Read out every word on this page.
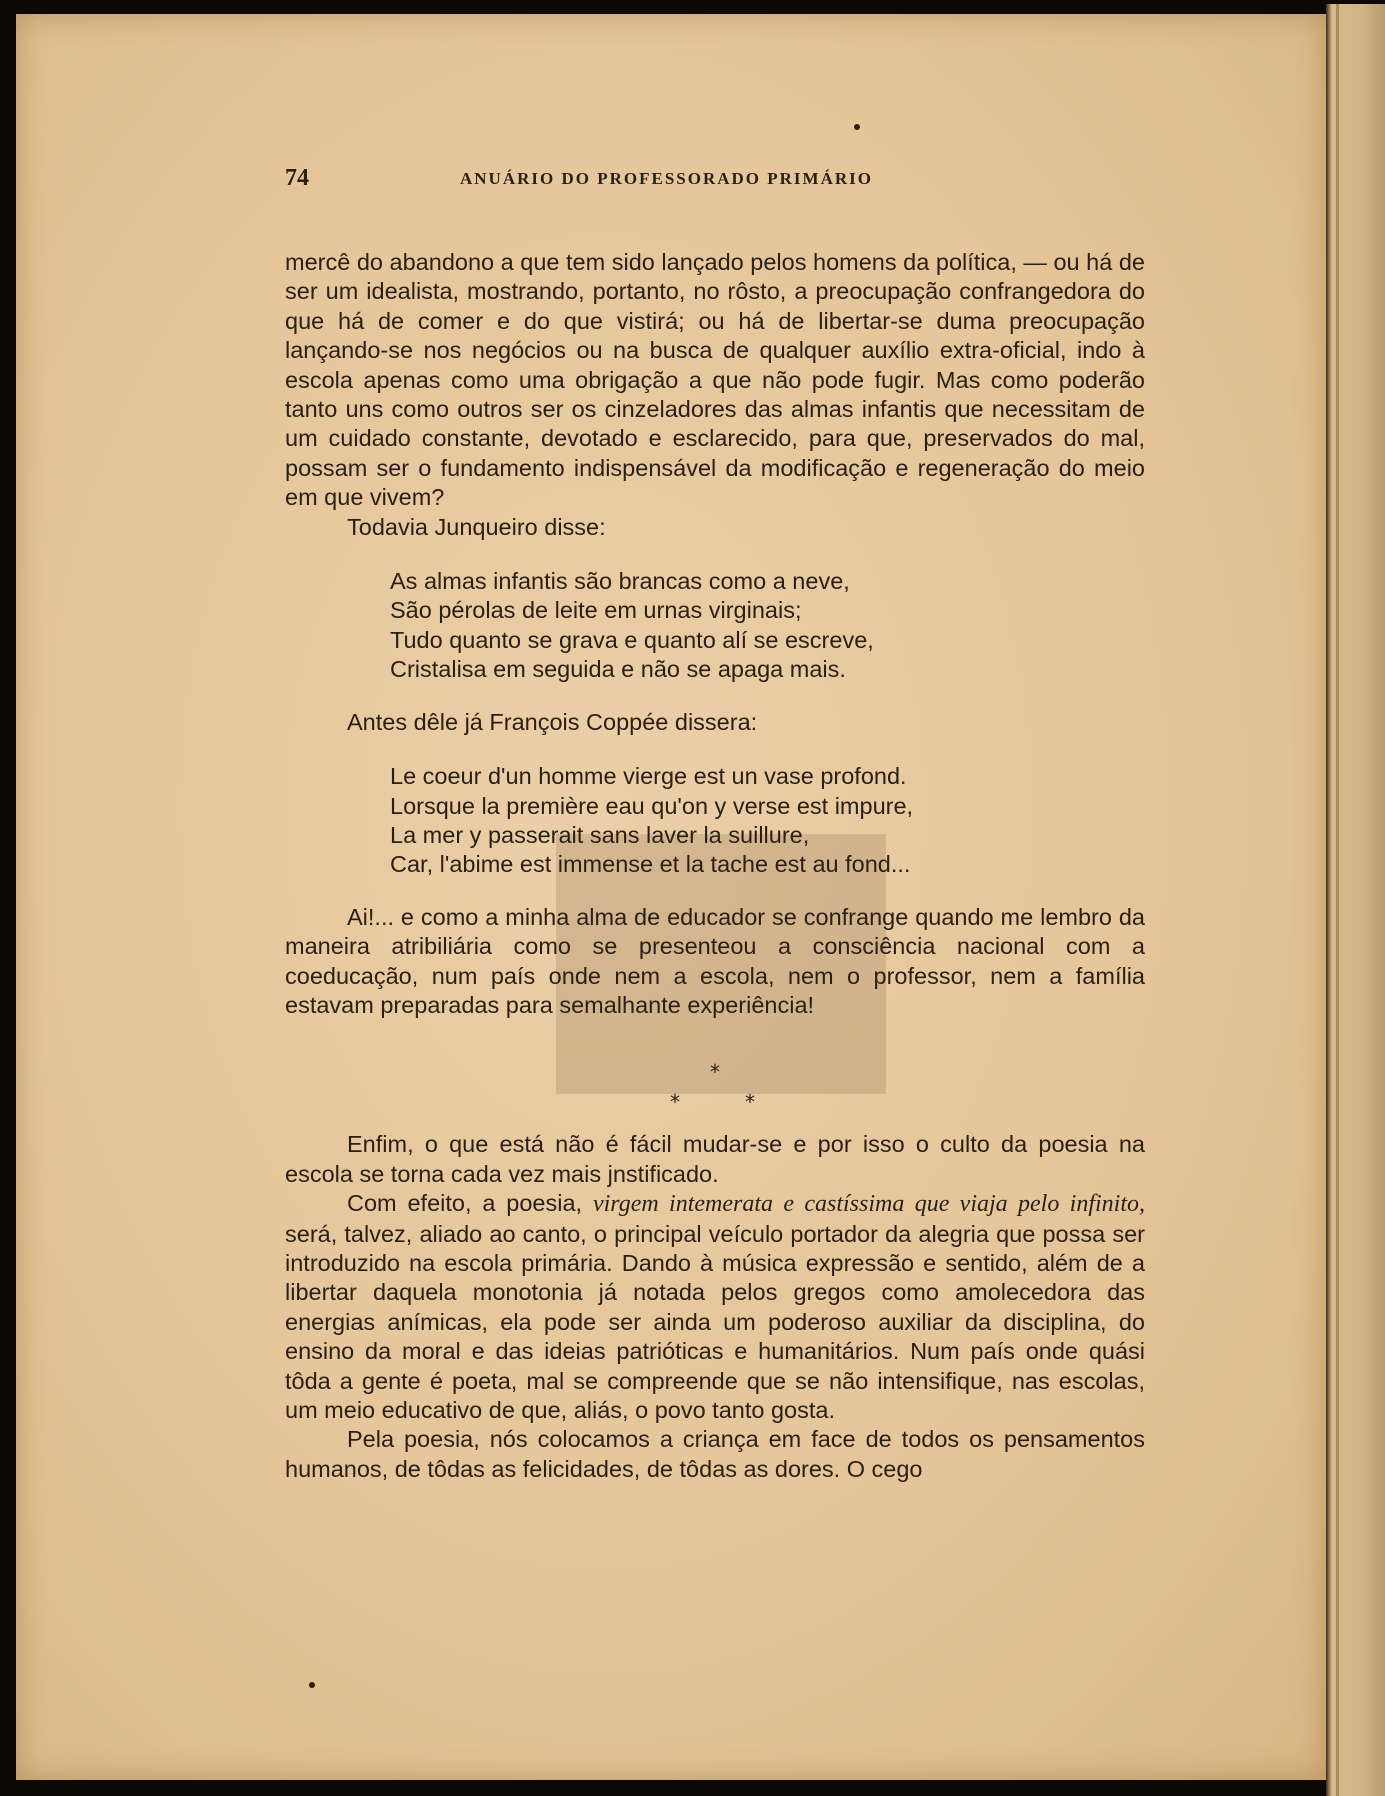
74	ANUÁRIO DO PROFESSORADO PRIMÁRIO

mercê do abandono a que tem sido lançado pelos homens da política, — ou há de ser um idealista, mostrando, portanto, no rôsto, a preocupação confrangedora do que há de comer e do que vistirá; ou há de libertar-se duma preocupação lançando-se nos negócios ou na busca de qualquer auxílio extra-oficial, indo à escola apenas como uma obrigação a que não pode fugir. Mas como poderão tanto uns como outros ser os cinzeladores das almas infantis que necessitam de um cuidado constante, devotado e esclarecido, para que, preservados do mal, possam ser o fundamento indispensável da modificação e regeneração do meio em que vivem?

Todavia Junqueiro disse:

As almas infantis são brancas como a neve,
São pérolas de leite em urnas virginais;
Tudo quanto se grava e quanto alí se escreve,
Cristalisa em seguida e não se apaga mais.

Antes dêle já François Coppée dissera:

Le coeur d'un homme vierge est un vase profond.
Lorsque la première eau qu'on y verse est impure,
La mer y passerait sans laver la suillure,
Car, l'abime est immense et la tache est au fond...

Ai!... e como a minha alma de educador se confrange quando me lembro da maneira atribiliária como se presenteou a consciência nacional com a coeducação, num país onde nem a escola, nem o professor, nem a família estavam preparadas para semalhante experiência!

*
*	*

Enfim, o que está não é fácil mudar-se e por isso o culto da poesia na escola se torna cada vez mais jnstificado.

Com efeito, a poesia, virgem intemerata e castíssima que viaja pelo infinito, será, talvez, aliado ao canto, o principal veículo portador da alegria que possa ser introduzido na escola primária. Dando à música expressão e sentido, além de a libertar daquela monotonia já notada pelos gregos como amolecedora das energias anímicas, ela pode ser ainda um poderoso auxiliar da disciplina, do ensino da moral e das ideias patrióticas e humanitários. Num país onde quási tôda a gente é poeta, mal se compreende que se não intensifique, nas escolas, um meio educativo de que, aliás, o povo tanto gosta.

Pela poesia, nós colocamos a criança em face de todos os pensamentos humanos, de tôdas as felicidades, de tôdas as dores. O cego
